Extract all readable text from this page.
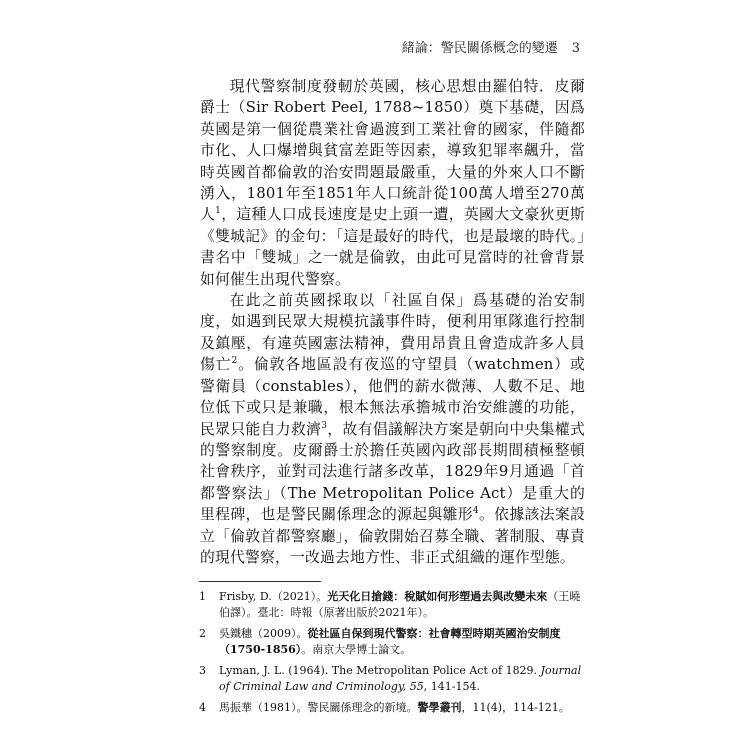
緒論：警民關係概念的變遷 3

現代警察制度發軔於英國，核心思想由羅伯特．皮爾爵士（Sir Robert Peel, 1788~1850）奠下基礎，因爲英國是第一個從農業社會過渡到工業社會的國家，伴隨都市化、人口爆增與貧富差距等因素，導致犯罪率飆升，當時英國首都倫敦的治安問題最嚴重，大量的外來人口不斷湧入，1801年至1851年人口統計從100萬人增至270萬人$^1$，這種人口成長速度是史上頭一遭，英國大文豪狄更斯《雙城記》的金句：「這是最好的時代，也是最壞的時代。」書名中「雙城」之一就是倫敦，由此可見當時的社會背景如何催生出現代警察。

在此之前英國採取以「社區自保」爲基礎的治安制度，如遇到民眾大規模抗議事件時，便利用軍隊進行控制及鎮壓，有違英國憲法精神，費用昂貴且會造成許多人員傷亡$^2$。倫敦各地區設有夜巡的守望員（watchmen）或警衛員（constables），他們的薪水微薄、人數不足、地位低下或只是兼職，根本無法承擔城市治安維護的功能，民眾只能自力救濟$^3$，故有倡議解決方案是朝向中央集權式的警察制度。皮爾爵士於擔任英國內政部長期間積極整頓社會秩序，並對司法進行諸多改革，1829年9月通過「首都警察法」（The Metropolitan Police Act）是重大的里程碑，也是警民關係理念的源起與雛形$^4$。依據該法案設立「倫敦首都警察廳」，倫敦開始召募全職、著制服、專責的現代警察，一改過去地方性、非正式組織的運作型態。

1	Frisby, D.（2021）。光天化日搶錢：稅賦如何形塑過去與改變未來（王曉伯譯）。臺北：時報（原著出版於2021年）。
2	吳鐵穗（2009）。從社區自保到現代警察：社會轉型時期英國治安制度（1750-1856）。南京大學博士論文。
3	Lyman, J. L. (1964). The Metropolitan Police Act of 1829. Journal of Criminal Law and Criminology, 55, 141-154.
4	馬振華（1981）。警民關係理念的新境。警學叢刊，11(4)，114-121。
